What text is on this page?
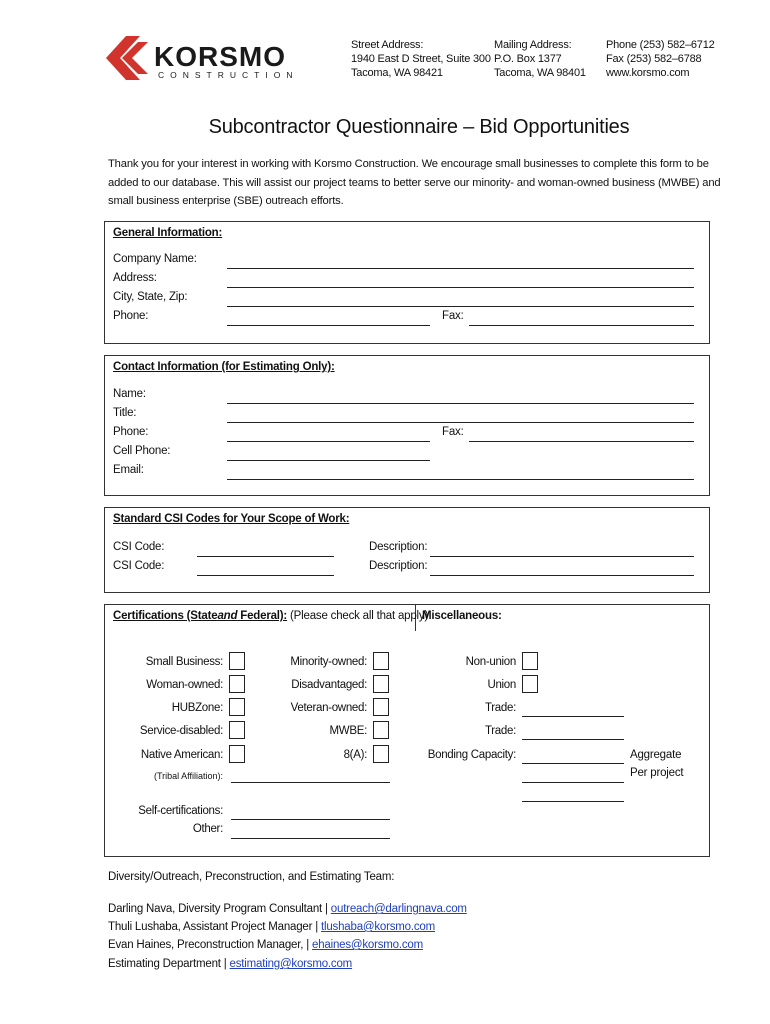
KORSMO
CONSTRUCTION
Street Address:
1940 East D Street, Suite 300
Tacoma, WA 98421
Mailing Address:
P.O. Box 1377
Tacoma, WA 98401
Phone (253) 582–6712
Fax (253) 582–6788
www.korsmo.com
Subcontractor Questionnaire – Bid Opportunities
Thank you for your interest in working with Korsmo Construction. We encourage small businesses to complete this form to be
added to our database. This will assist our project teams to better serve our minority- and woman-owned business (MWBE) and
small business enterprise (SBE) outreach efforts.
General Information:
Company Name:
Address:
City, State, Zip:
Phone:	Fax:
Contact Information (for Estimating Only):
Name:
Title:
Phone:	Fax:
Cell Phone:
Email:
Standard CSI Codes for Your Scope of Work:
CSI Code:	Description:
CSI Code:	Description:
Certifications (Stateand Federal): (Please check all that apply)
Miscellaneous:
Small Business:
Woman-owned:
HUBZone:
Service-disabled:
Native American:
(Tribal Affiliation):
Minority-owned:
Disadvantaged:
Veteran-owned:
MWBE:
8(A):
Self-certifications:
Other:
Non-union
Union
Trade:
Trade:
Bonding Capacity:	Aggregate
Per project
Diversity/Outreach, Preconstruction, and Estimating Team:
Darling Nava, Diversity Program Consultant | outreach@darlingnava.com
Thuli Lushaba, Assistant Project Manager | tlushaba@korsmo.com
Evan Haines, Preconstruction Manager, | ehaines@korsmo.com
Estimating Department | estimating@korsmo.com
